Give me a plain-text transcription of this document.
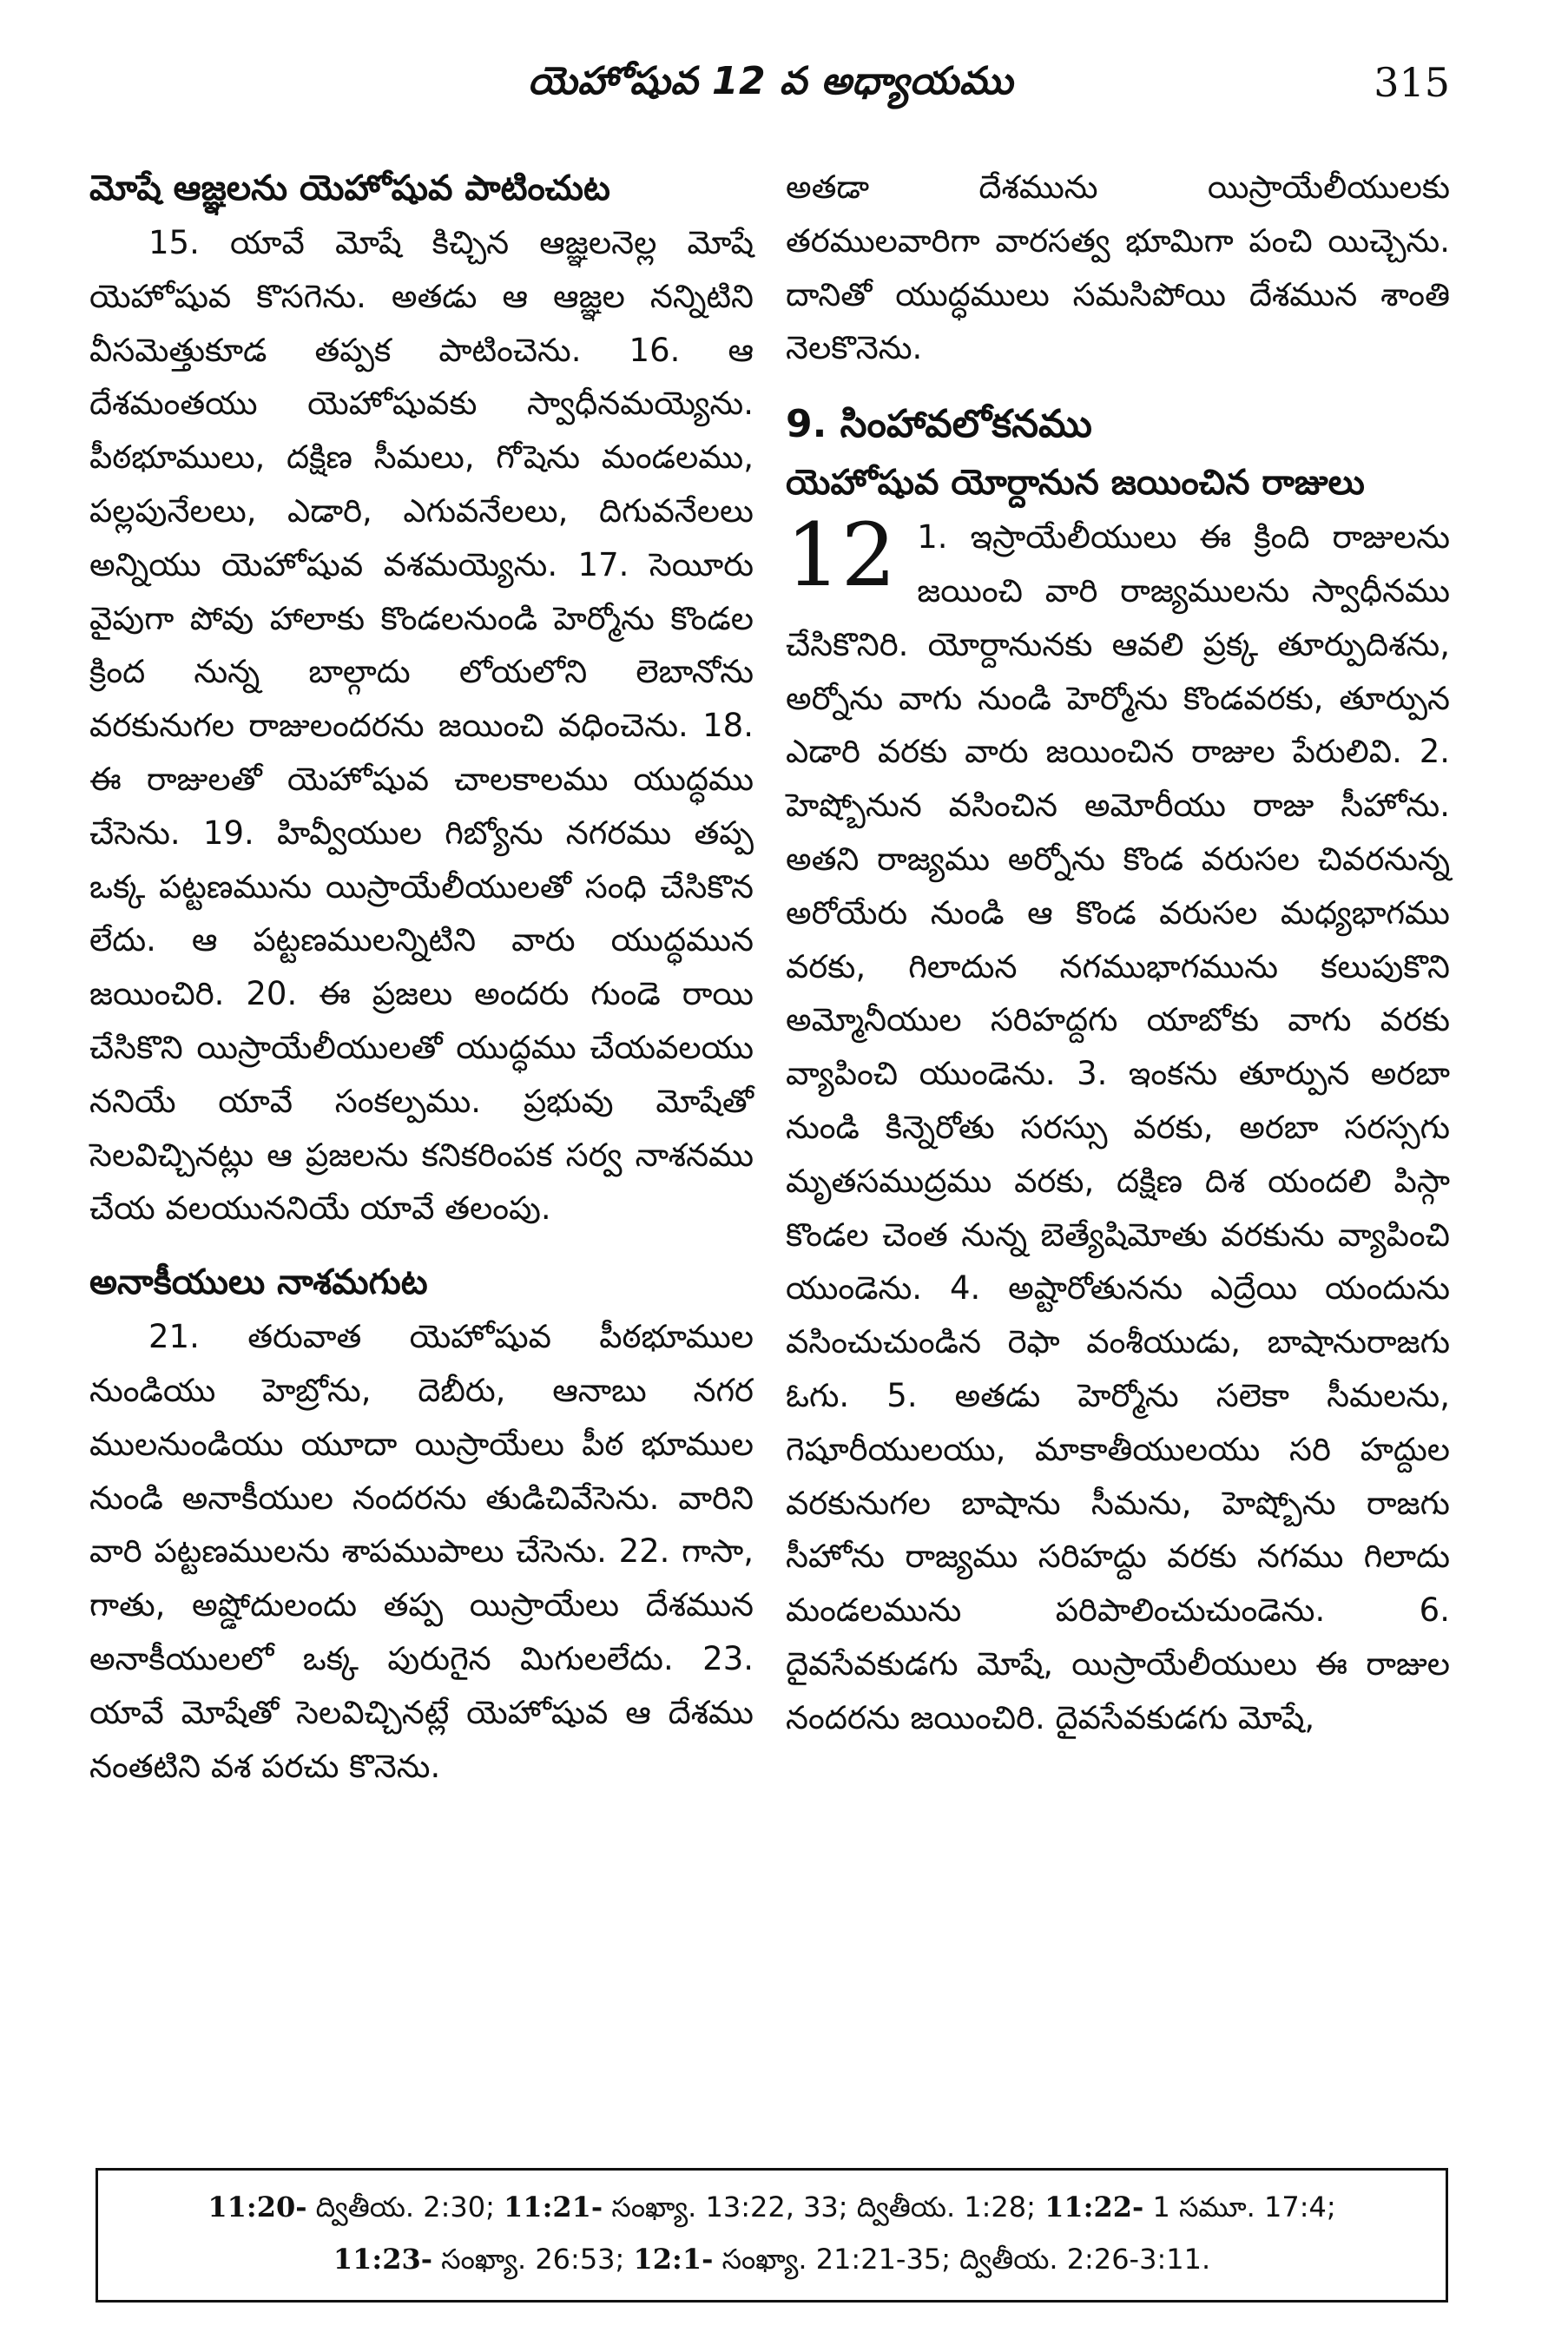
యెహోషువ 12 వ అధ్యాయము	315

మోషే ఆజ్ఞలను యెహోషువ పాటించుట

15. యావే మోషే కిచ్చిన ఆజ్ఞలనెల్ల మోషే యెహోషువ కొసగెను. అతడు ఆ ఆజ్ఞల నన్నిటిని వీసమెత్తుకూడ తప్పక పాటించెను. 16. ఆ దేశమంతయు యెహోషువకు స్వాధీనమయ్యెను. పీఠభూములు, దక్షిణ సీమలు, గోషెను మండలము, పల్లపునేలలు, ఎడారి, ఎగువనేలలు, దిగువనేలలు అన్నియు యెహోషువ వశమయ్యెను. 17. సెయీరు వైపుగా పోవు హాలాకు కొండలనుండి హెర్మోను కొండల క్రింద నున్న బాల్గాదు లోయలోని లెబానోను వరకునుగల రాజులందరను జయించి వధించెను. 18. ఈ రాజులతో యెహోషువ చాలకాలము యుద్ధము చేసెను. 19. హివ్వీయుల గిబ్యోను నగరము తప్ప ఒక్క పట్టణమును యిస్రాయేలీయులతో సంధి చేసికొన లేదు. ఆ పట్టణములన్నిటిని వారు యుద్ధమున జయించిరి. 20. ఈ ప్రజలు అందరు గుండె రాయి చేసికొని యిస్రాయేలీయులతో యుద్ధము చేయవలయు ననియే యావే సంకల్పము. ప్రభువు మోషేతో సెలవిచ్చినట్లు ఆ ప్రజలను కనికరింపక సర్వ నాశనము చేయ వలయుననియే యావే తలంపు.

అనాకీయులు నాశమగుట

21. తరువాత యెహోషువ పీఠభూముల నుండియు హెబ్రోను, దెబీరు, ఆనాబు నగర ములనుండియు యూదా యిస్రాయేలు పీఠ భూముల నుండి అనాకీయుల నందరను తుడిచివేసెను. వారిని వారి పట్టణములను శాపముపాలు చేసెను. 22. గాసా, గాతు, అష్డోదులందు తప్ప యిస్రాయేలు దేశమున అనాకీయులలో ఒక్క పురుగైన మిగులలేదు. 23. యావే మోషేతో సెలవిచ్చినట్లే యెహోషువ ఆ దేశము నంతటిని వశ పరచు కొనెను.

అతడా దేశమును యిస్రాయేలీయులకు తరములవారిగా వారసత్వ భూమిగా పంచి యిచ్చెను. దానితో యుద్ధములు సమసిపోయి దేశమున శాంతి నెలకొనెను.

9. సింహావలోకనము

యెహోషువ యోర్దానున జయించిన రాజులు

12 1. ఇస్రాయేలీయులు ఈ క్రింది రాజులను జయించి వారి రాజ్యములను స్వాధీనము చేసికొనిరి. యోర్దానునకు ఆవలి ప్రక్క తూర్పుదిశను, అర్నోను వాగు నుండి హెర్మోను కొండవరకు, తూర్పున ఎడారి వరకు వారు జయించిన రాజుల పేరులివి. 2. హెష్బోనున వసించిన అమోరీయు రాజు సీహోను. అతని రాజ్యము అర్నోను కొండ వరుసల చివరనున్న అరోయేరు నుండి ఆ కొండ వరుసల మధ్యభాగము వరకు, గిలాదున నగముభాగమును కలుపుకొని అమ్మోనీయుల సరిహద్దగు యాబోకు వాగు వరకు వ్యాపించి యుండెను. 3. ఇంకను తూర్పున అరబా నుండి కిన్నెరోతు సరస్సు వరకు, అరబా సరస్సగు మృతసముద్రము వరకు, దక్షిణ దిశ యందలి పిస్గా కొండల చెంత నున్న బెత్యేషిమోతు వరకును వ్యాపించి యుండెను. 4. అష్టారోతునను ఎద్రేయి యందును వసించుచుండిన రెఫా వంశీయుడు, బాషానురాజగు ఓగు. 5. అతడు హెర్మోను సలెకా సీమలను, గెషూరీయులయు, మాకాతీయులయు సరి హద్దుల వరకునుగల బాషాను సీమను, హెష్బోను రాజగు సీహోను రాజ్యము సరిహద్దు వరకు నగము గిలాదు మండలమును పరిపాలించుచుండెను. 6. దైవసేవకుడగు మోషే, యిస్రాయేలీయులు ఈ రాజుల నందరను జయించిరి. దైవసేవకుడగు మోషే,

11:20- ద్వితీయ. 2:30; 11:21- సంఖ్యా. 13:22, 33; ద్వితీయ. 1:28; 11:22- 1 సమూ. 17:4;
11:23- సంఖ్యా. 26:53; 12:1- సంఖ్యా. 21:21-35; ద్వితీయ. 2:26-3:11.
